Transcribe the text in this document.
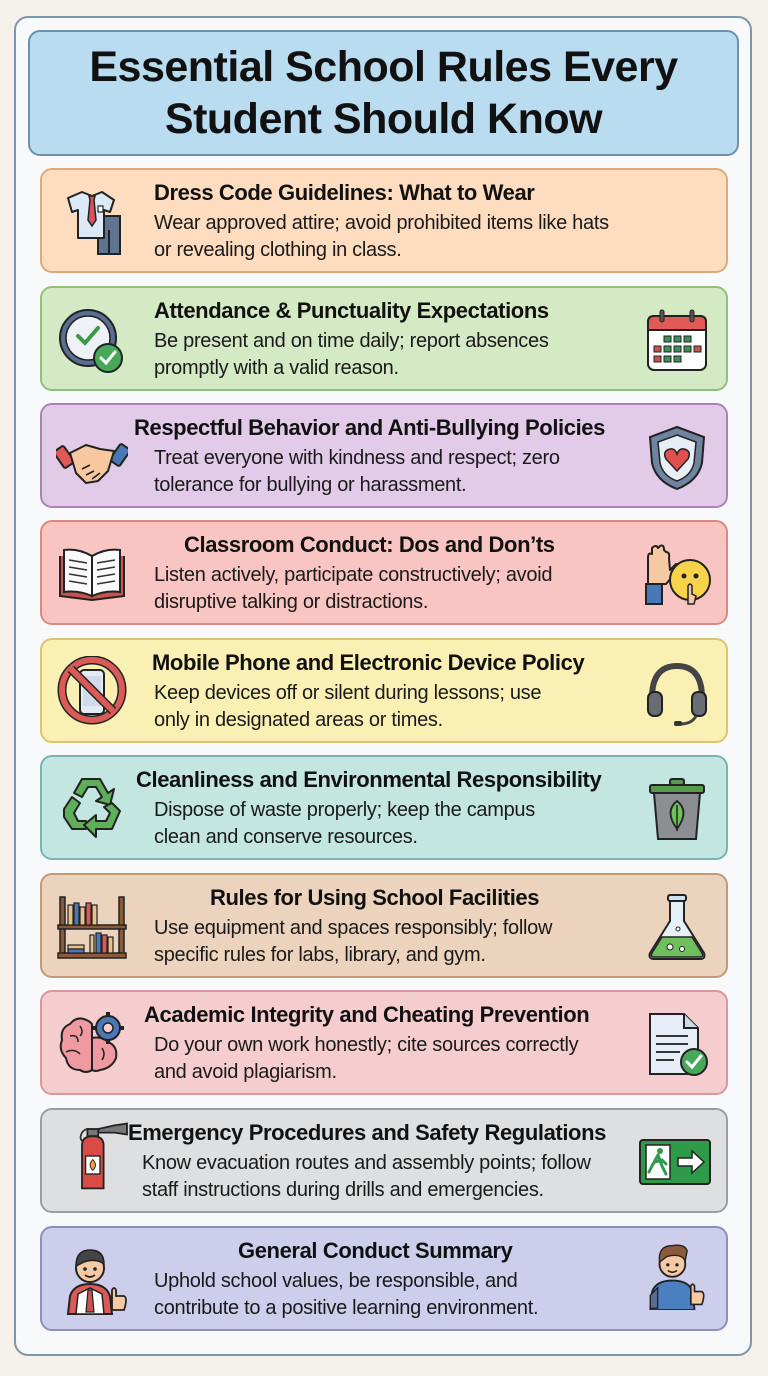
Essential School Rules Every
Student Should Know
Dress Code Guidelines: What to Wear
Wear approved attire; avoid prohibited items like hats
or revealing clothing in class.
Attendance & Punctuality Expectations
Be present and on time daily; report absences
promptly with a valid reason.
Respectful Behavior and Anti-Bullying Policies
Treat everyone with kindness and respect; zero
tolerance for bullying or harassment.
Classroom Conduct: Dos and Don’ts
Listen actively, participate constructively; avoid
disruptive talking or distractions.
Mobile Phone and Electronic Device Policy
Keep devices off or silent during lessons; use
only in designated areas or times.
Cleanliness and Environmental Responsibility
Dispose of waste properly; keep the campus
clean and conserve resources.
Rules for Using School Facilities
Use equipment and spaces responsibly; follow
specific rules for labs, library, and gym.
Academic Integrity and Cheating Prevention
Do your own work honestly; cite sources correctly
and avoid plagiarism.
Emergency Procedures and Safety Regulations
Know evacuation routes and assembly points; follow
staff instructions during drills and emergencies.
General Conduct Summary
Uphold school values, be responsible, and
contribute to a positive learning environment.
